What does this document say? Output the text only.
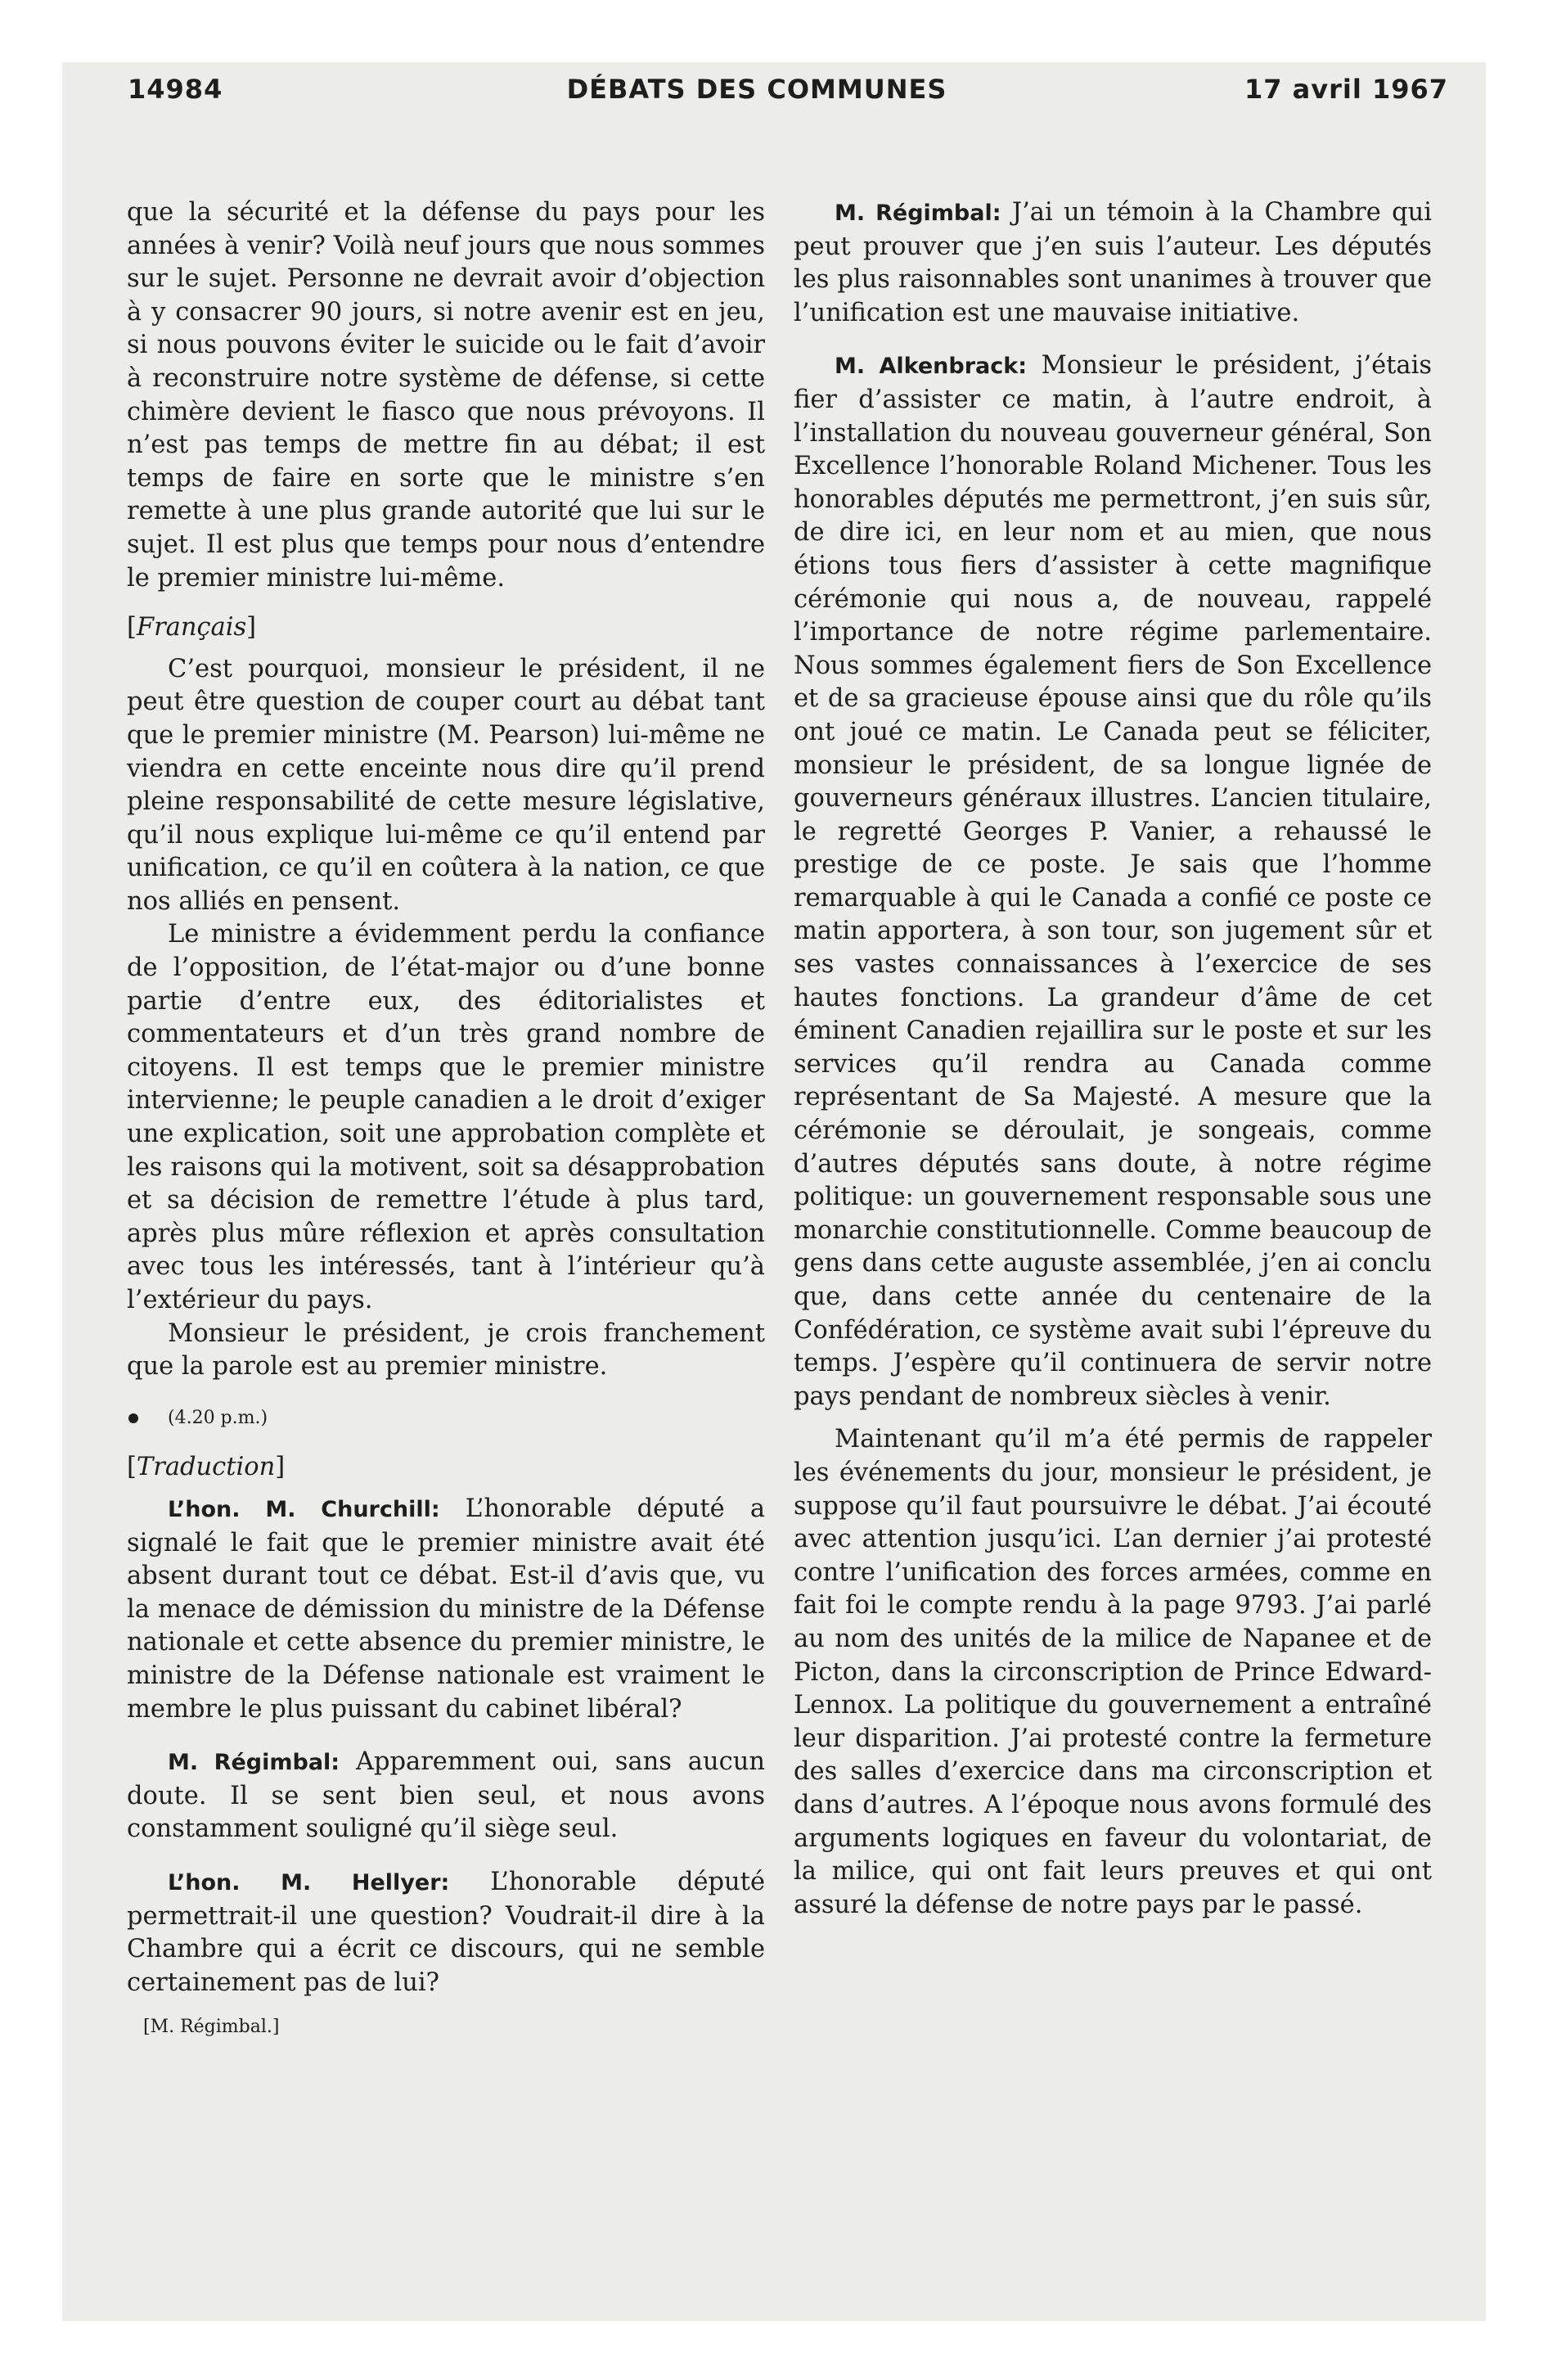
14984	DÉBATS DES COMMUNES	17 avril 1967

que la sécurité et la défense du pays pour les années à venir? Voilà neuf jours que nous sommes sur le sujet. Personne ne devrait avoir d’objection à y consacrer 90 jours, si notre avenir est en jeu, si nous pouvons éviter le suicide ou le fait d’avoir à reconstruire notre système de défense, si cette chimère devient le fiasco que nous prévoyons. Il n’est pas temps de mettre fin au débat; il est temps de faire en sorte que le ministre s’en remette à une plus grande autorité que lui sur le sujet. Il est plus que temps pour nous d’entendre le premier ministre lui-même.

[Français]

C’est pourquoi, monsieur le président, il ne peut être question de couper court au débat tant que le premier ministre (M. Pearson) lui-même ne viendra en cette enceinte nous dire qu’il prend pleine responsabilité de cette mesure législative, qu’il nous explique lui-même ce qu’il entend par unification, ce qu’il en coûtera à la nation, ce que nos alliés en pensent.

Le ministre a évidemment perdu la confiance de l’opposition, de l’état-major ou d’une bonne partie d’entre eux, des éditorialistes et commentateurs et d’un très grand nombre de citoyens. Il est temps que le premier ministre intervienne; le peuple canadien a le droit d’exiger une explication, soit une approbation complète et les raisons qui la motivent, soit sa désapprobation et sa décision de remettre l’étude à plus tard, après plus mûre réflexion et après consultation avec tous les intéressés, tant à l’intérieur qu’à l’extérieur du pays.

Monsieur le président, je crois franchement que la parole est au premier ministre.

(4.20 p.m.)

[Traduction]

L’hon. M. Churchill: L’honorable député a signalé le fait que le premier ministre avait été absent durant tout ce débat. Est-il d’avis que, vu la menace de démission du ministre de la Défense nationale et cette absence du premier ministre, le ministre de la Défense nationale est vraiment le membre le plus puissant du cabinet libéral?

M. Régimbal: Apparemment oui, sans aucun doute. Il se sent bien seul, et nous avons constamment souligné qu’il siège seul.

L’hon. M. Hellyer: L’honorable député permettrait-il une question? Voudrait-il dire à la Chambre qui a écrit ce discours, qui ne semble certainement pas de lui?

[M. Régimbal.]

M. Régimbal: J’ai un témoin à la Chambre qui peut prouver que j’en suis l’auteur. Les députés les plus raisonnables sont unanimes à trouver que l’unification est une mauvaise initiative.

M. Alkenbrack: Monsieur le président, j’étais fier d’assister ce matin, à l’autre endroit, à l’installation du nouveau gouverneur général, Son Excellence l’honorable Roland Michener. Tous les honorables députés me permettront, j’en suis sûr, de dire ici, en leur nom et au mien, que nous étions tous fiers d’assister à cette magnifique cérémonie qui nous a, de nouveau, rappelé l’importance de notre régime parlementaire. Nous sommes également fiers de Son Excellence et de sa gracieuse épouse ainsi que du rôle qu’ils ont joué ce matin. Le Canada peut se féliciter, monsieur le président, de sa longue lignée de gouverneurs généraux illustres. L’ancien titulaire, le regretté Georges P. Vanier, a rehaussé le prestige de ce poste. Je sais que l’homme remarquable à qui le Canada a confié ce poste ce matin apportera, à son tour, son jugement sûr et ses vastes connaissances à l’exercice de ses hautes fonctions. La grandeur d’âme de cet éminent Canadien rejaillira sur le poste et sur les services qu’il rendra au Canada comme représentant de Sa Majesté. A mesure que la cérémonie se déroulait, je songeais, comme d’autres députés sans doute, à notre régime politique: un gouvernement responsable sous une monarchie constitutionnelle. Comme beaucoup de gens dans cette auguste assemblée, j’en ai conclu que, dans cette année du centenaire de la Confédération, ce système avait subi l’épreuve du temps. J’espère qu’il continuera de servir notre pays pendant de nombreux siècles à venir.

Maintenant qu’il m’a été permis de rappeler les événements du jour, monsieur le président, je suppose qu’il faut poursuivre le débat. J’ai écouté avec attention jusqu’ici. L’an dernier j’ai protesté contre l’unification des forces armées, comme en fait foi le compte rendu à la page 9793. J’ai parlé au nom des unités de la milice de Napanee et de Picton, dans la circonscription de Prince Edward-Lennox. La politique du gouvernement a entraîné leur disparition. J’ai protesté contre la fermeture des salles d’exercice dans ma circonscription et dans d’autres. A l’époque nous avons formulé des arguments logiques en faveur du volontariat, de la milice, qui ont fait leurs preuves et qui ont assuré la défense de notre pays par le passé.
